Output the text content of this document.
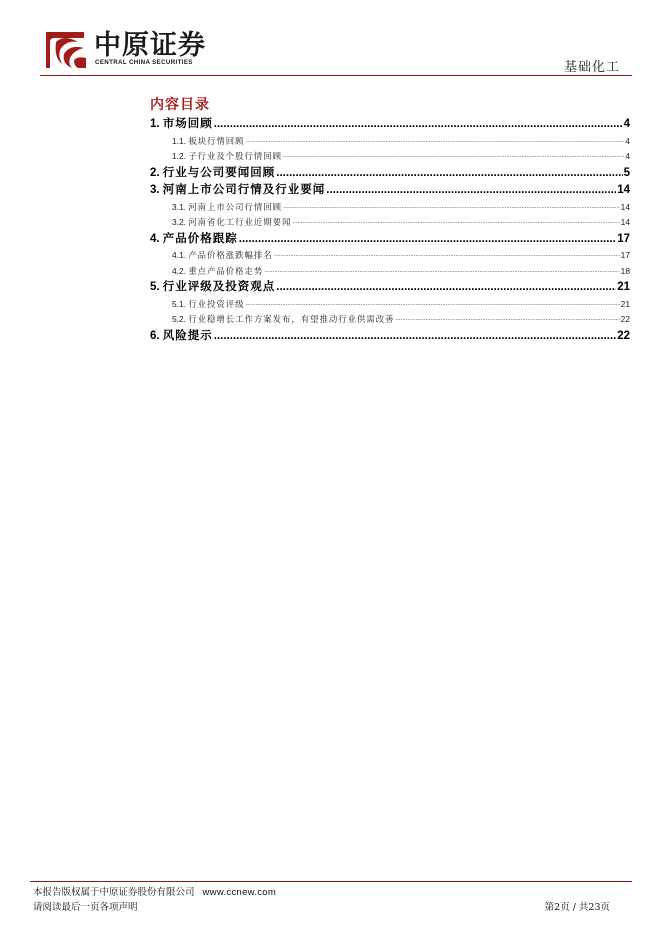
中原证券
CENTRAL CHINA SECURITIES	基础化工
内容目录
1. 市场回顾 .....	4
1.1. 板块行情回顾 .....	4
1.2. 子行业及个股行情回顾 .....	4
2. 行业与公司要闻回顾 .....	5
3. 河南上市公司行情及行业要闻 .....	14
3.1. 河南上市公司行情回顾 .....	14
3.2. 河南省化工行业近期要闻 .....	14
4. 产品价格跟踪 .....	17
4.1. 产品价格涨跌幅排名 .....	17
4.2. 重点产品价格走势 .....	18
5. 行业评级及投资观点 .....	21
5.1. 行业投资评级 .....	21
5.2. 行业稳增长工作方案发布，有望推动行业供需改善 .....	22
6. 风险提示 .....	22
本报告版权属于中原证券股份有限公司 www.ccnew.com
请阅读最后一页各项声明	第2页 / 共23页
